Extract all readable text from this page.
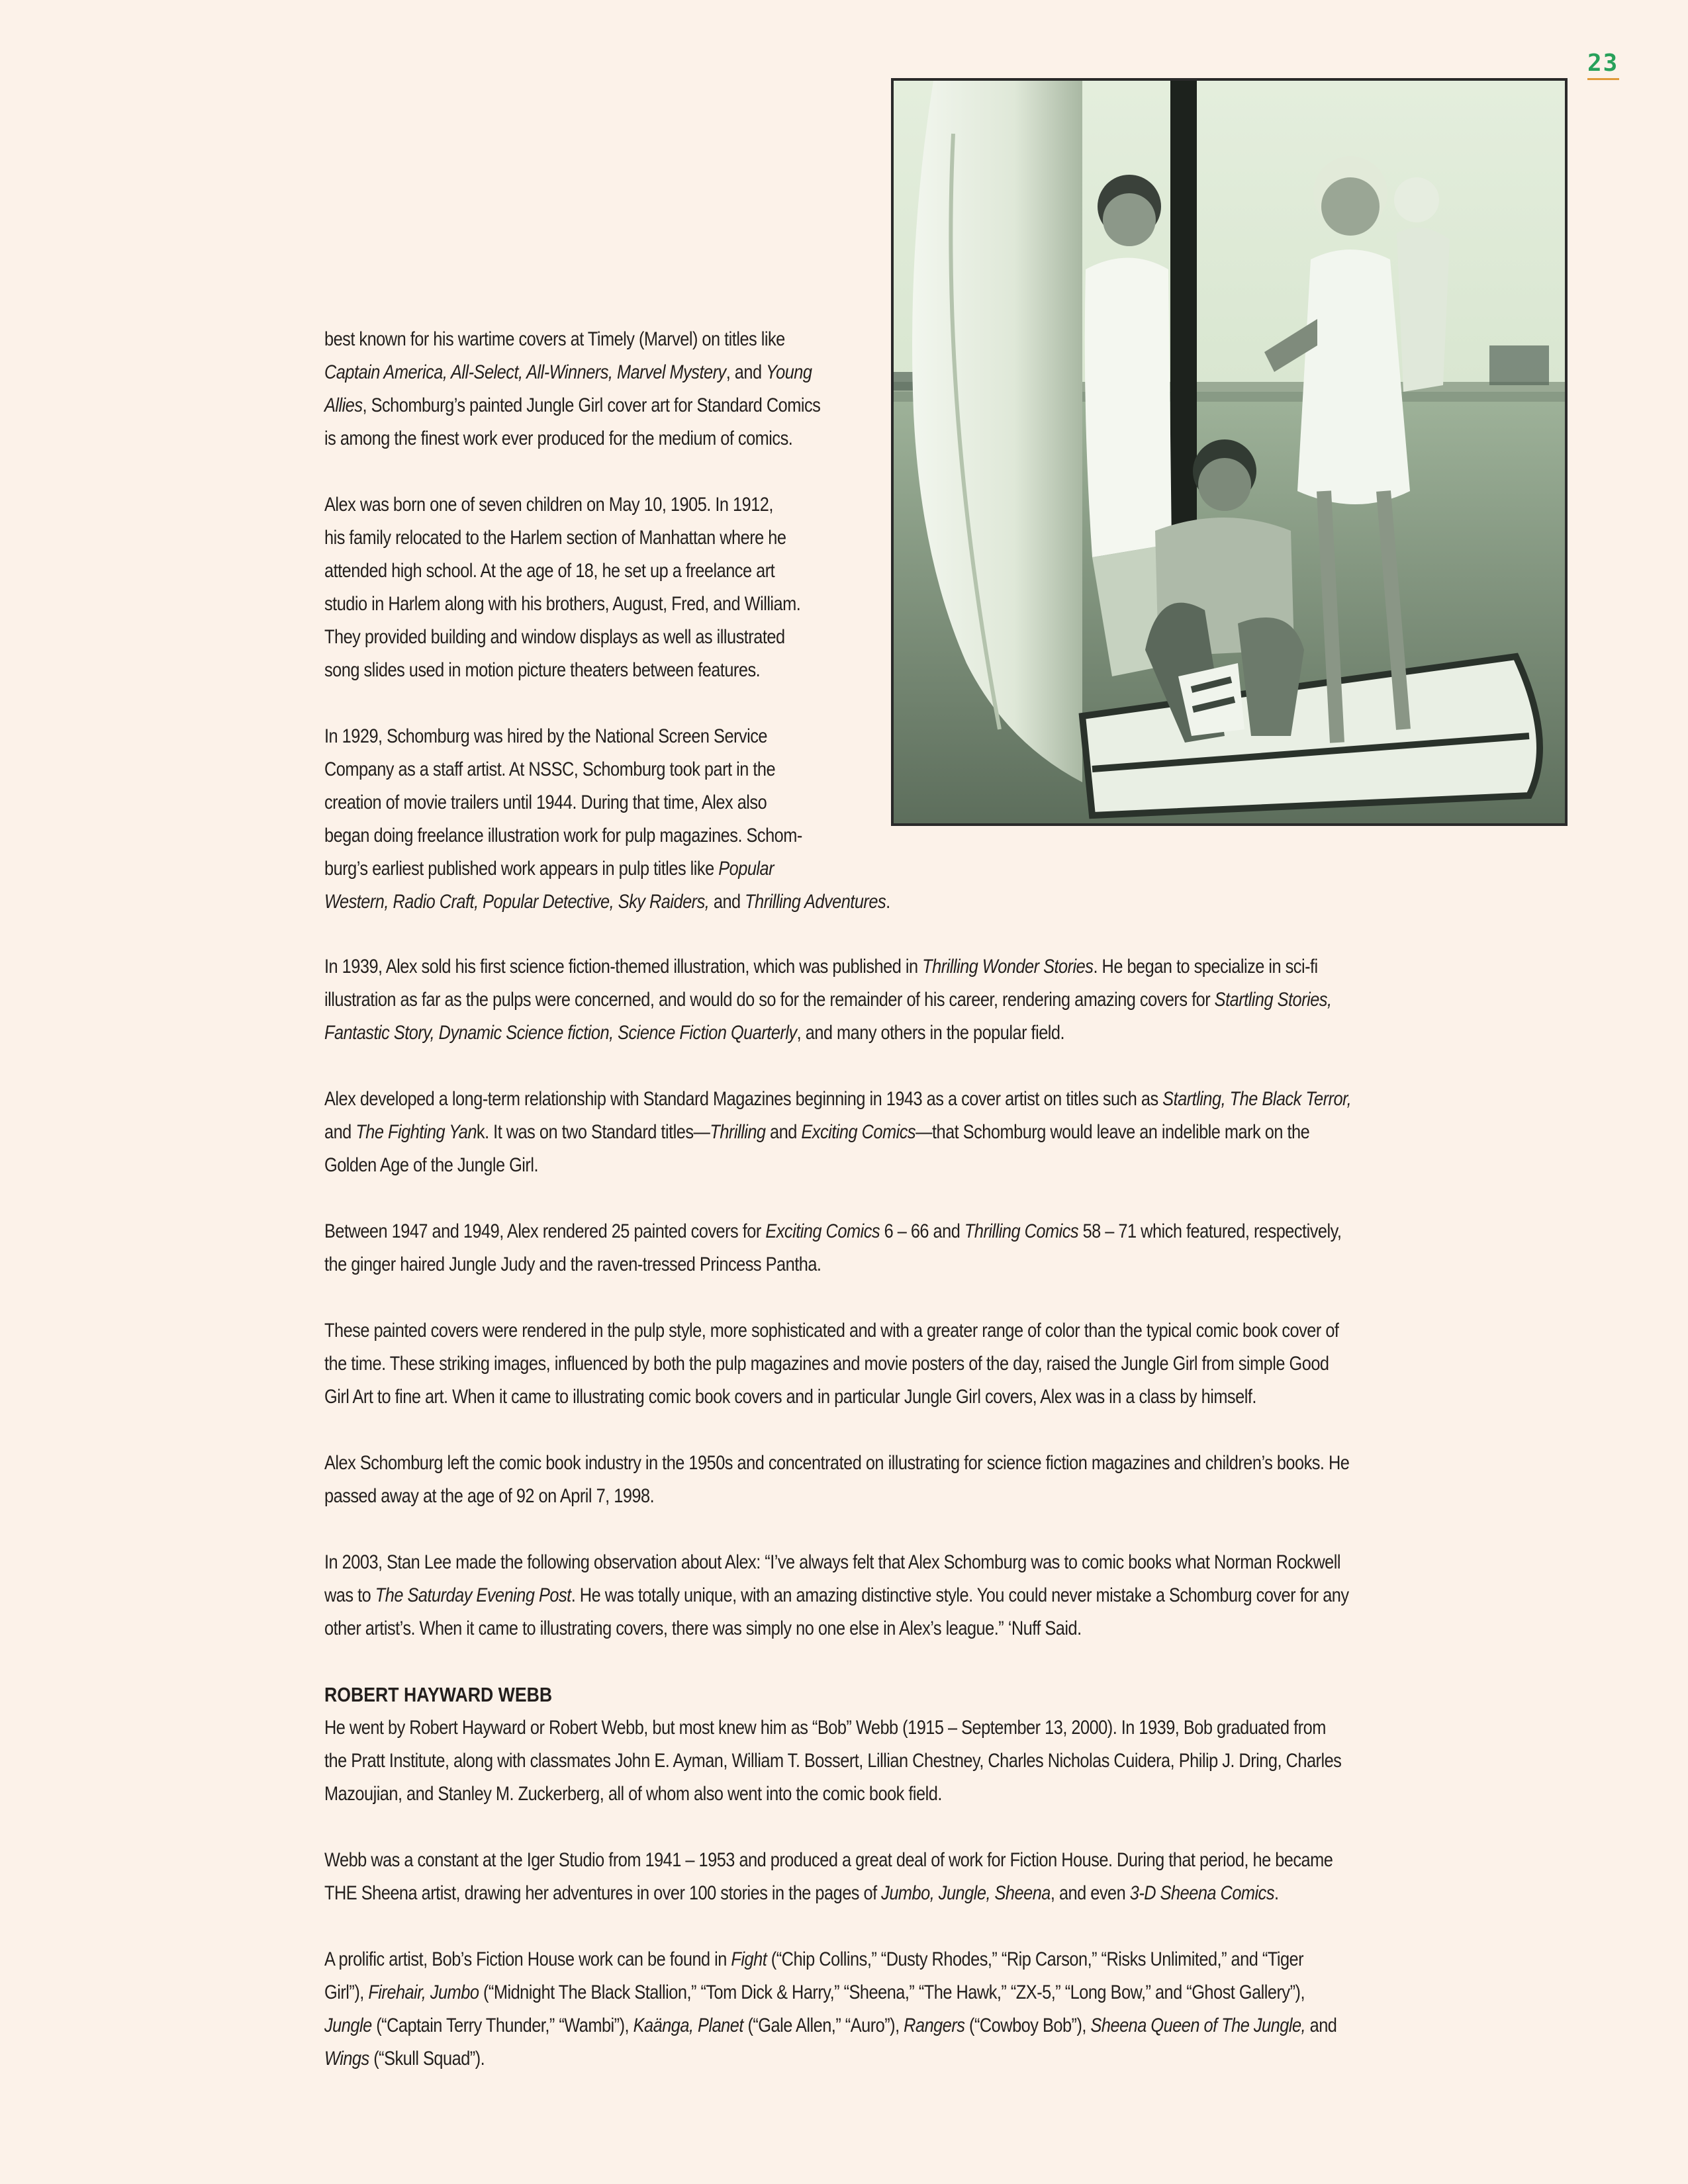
23

best known for his wartime covers at Timely (Marvel) on titles like
Captain America, All-Select, All-Winners, Marvel Mystery, and Young
Allies, Schomburg’s painted Jungle Girl cover art for Standard Comics
is among the finest work ever produced for the medium of comics.

Alex was born one of seven children on May 10, 1905. In 1912,
his family relocated to the Harlem section of Manhattan where he
attended high school. At the age of 18, he set up a freelance art
studio in Harlem along with his brothers, August, Fred, and William.
They provided building and window displays as well as illustrated
song slides used in motion picture theaters between features.

In 1929, Schomburg was hired by the National Screen Service
Company as a staff artist. At NSSC, Schomburg took part in the
creation of movie trailers until 1944. During that time, Alex also
began doing freelance illustration work for pulp magazines. Schom-
burg’s earliest published work appears in pulp titles like Popular
Western, Radio Craft, Popular Detective, Sky Raiders, and Thrilling Adventures.

In 1939, Alex sold his first science fiction-themed illustration, which was published in Thrilling Wonder Stories. He began to specialize in sci-fi
illustration as far as the pulps were concerned, and would do so for the remainder of his career, rendering amazing covers for Startling Stories,
Fantastic Story, Dynamic Science fiction, Science Fiction Quarterly, and many others in the popular field.

Alex developed a long-term relationship with Standard Magazines beginning in 1943 as a cover artist on titles such as Startling, The Black Terror,
and The Fighting Yank. It was on two Standard titles—Thrilling and Exciting Comics—that Schomburg would leave an indelible mark on the
Golden Age of the Jungle Girl.

Between 1947 and 1949, Alex rendered 25 painted covers for Exciting Comics 6 – 66 and Thrilling Comics 58 – 71 which featured, respectively,
the ginger haired Jungle Judy and the raven-tressed Princess Pantha.

These painted covers were rendered in the pulp style, more sophisticated and with a greater range of color than the typical comic book cover of
the time. These striking images, influenced by both the pulp magazines and movie posters of the day, raised the Jungle Girl from simple Good
Girl Art to fine art. When it came to illustrating comic book covers and in particular Jungle Girl covers, Alex was in a class by himself.

Alex Schomburg left the comic book industry in the 1950s and concentrated on illustrating for science fiction magazines and children’s books. He
passed away at the age of 92 on April 7, 1998.

In 2003, Stan Lee made the following observation about Alex: “I’ve always felt that Alex Schomburg was to comic books what Norman Rockwell
was to The Saturday Evening Post. He was totally unique, with an amazing distinctive style. You could never mistake a Schomburg cover for any
other artist’s. When it came to illustrating covers, there was simply no one else in Alex’s league.” ‘Nuff Said.

ROBERT HAYWARD WEBB

He went by Robert Hayward or Robert Webb, but most knew him as “Bob” Webb (1915 – September 13, 2000). In 1939, Bob graduated from
the Pratt Institute, along with classmates John E. Ayman, William T. Bossert, Lillian Chestney, Charles Nicholas Cuidera, Philip J. Dring, Charles
Mazoujian, and Stanley M. Zuckerberg, all of whom also went into the comic book field.

Webb was a constant at the Iger Studio from 1941 – 1953 and produced a great deal of work for Fiction House. During that period, he became
THE Sheena artist, drawing her adventures in over 100 stories in the pages of Jumbo, Jungle, Sheena, and even 3-D Sheena Comics.

A prolific artist, Bob’s Fiction House work can be found in Fight (“Chip Collins,” “Dusty Rhodes,” “Rip Carson,” “Risks Unlimited,” and “Tiger
Girl”), Firehair, Jumbo (“Midnight The Black Stallion,” “Tom Dick & Harry,” “Sheena,” “The Hawk,” “ZX-5,” “Long Bow,” and “Ghost Gallery”),
Jungle (“Captain Terry Thunder,” “Wambi”), Kaänga, Planet (“Gale Allen,” “Auro”), Rangers (“Cowboy Bob”), Sheena Queen of The Jungle, and
Wings (“Skull Squad”).
